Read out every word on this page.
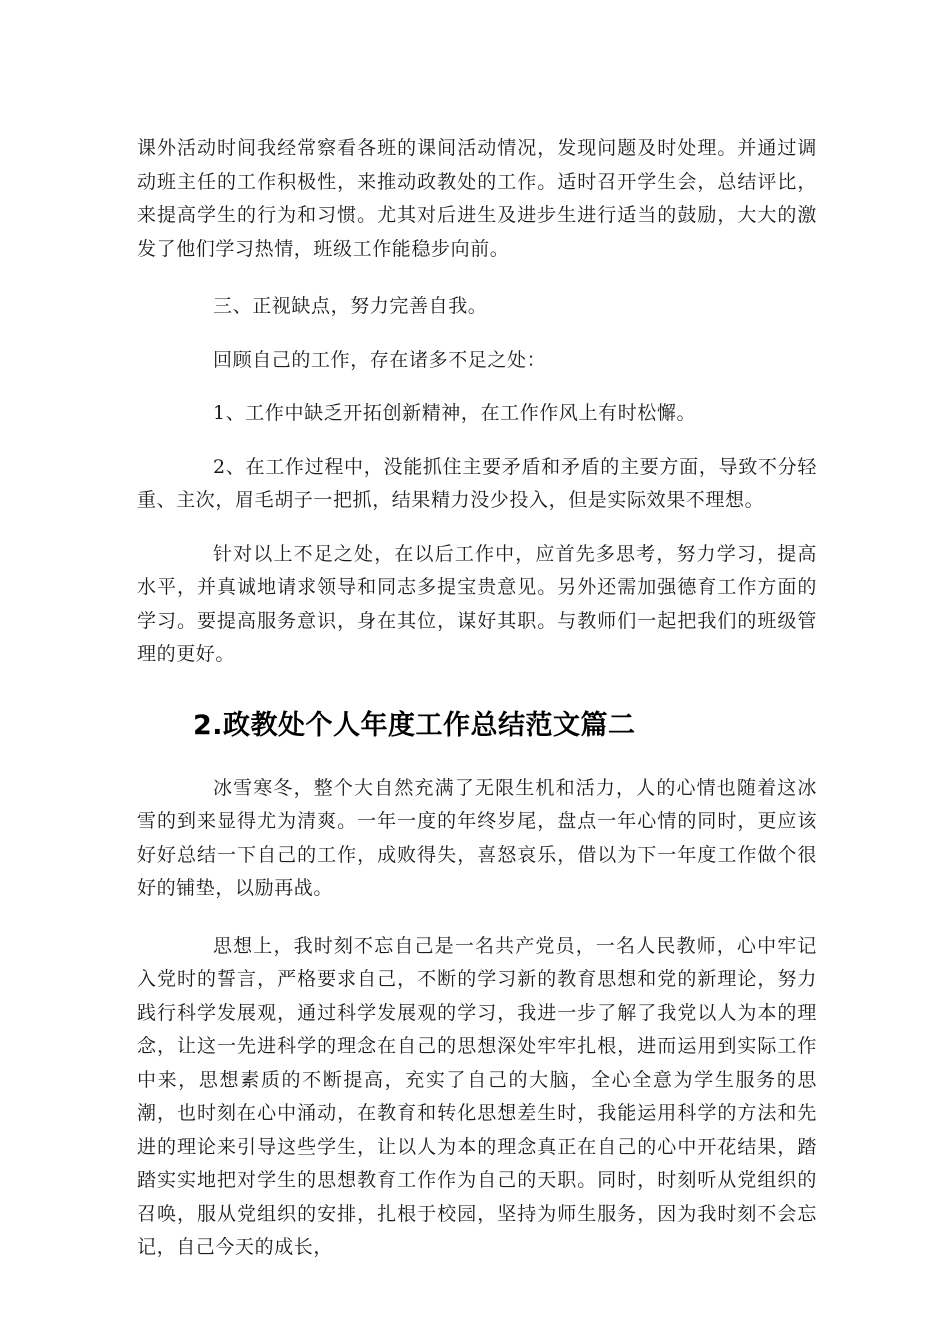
课外活动时间我经常察看各班的课间活动情况，发现问题及时处理。并通过调动班主任的工作积极性，来推动政教处的工作。适时召开学生会，总结评比，来提高学生的行为和习惯。尤其对后进生及进步生进行适当的鼓励，大大的激发了他们学习热情，班级工作能稳步向前。

三、正视缺点，努力完善自我。

回顾自己的工作，存在诸多不足之处：

1、工作中缺乏开拓创新精神，在工作作风上有时松懈。

2、在工作过程中，没能抓住主要矛盾和矛盾的主要方面，导致不分轻重、主次，眉毛胡子一把抓，结果精力没少投入，但是实际效果不理想。

针对以上不足之处，在以后工作中，应首先多思考，努力学习，提高水平，并真诚地请求领导和同志多提宝贵意见。另外还需加强德育工作方面的学习。要提高服务意识，身在其位，谋好其职。与教师们一起把我们的班级管理的更好。

2.政教处个人年度工作总结范文篇二

冰雪寒冬，整个大自然充满了无限生机和活力，人的心情也随着这冰雪的到来显得尤为清爽。一年一度的年终岁尾，盘点一年心情的同时，更应该好好总结一下自己的工作，成败得失，喜怒哀乐，借以为下一年度工作做个很好的铺垫，以励再战。

思想上，我时刻不忘自己是一名共产党员，一名人民教师，心中牢记入党时的誓言，严格要求自己，不断的学习新的教育思想和党的新理论，努力践行科学发展观，通过科学发展观的学习，我进一步了解了我党以人为本的理念，让这一先进科学的理念在自己的思想深处牢牢扎根，进而运用到实际工作中来，思想素质的不断提高，充实了自己的大脑，全心全意为学生服务的思潮，也时刻在心中涌动，在教育和转化思想差生时，我能运用科学的方法和先进的理论来引导这些学生，让以人为本的理念真正在自己的心中开花结果，踏踏实实地把对学生的思想教育工作作为自己的天职。同时，时刻听从党组织的召唤，服从党组织的安排，扎根于校园，坚持为师生服务，因为我时刻不会忘记，自己今天的成长，
